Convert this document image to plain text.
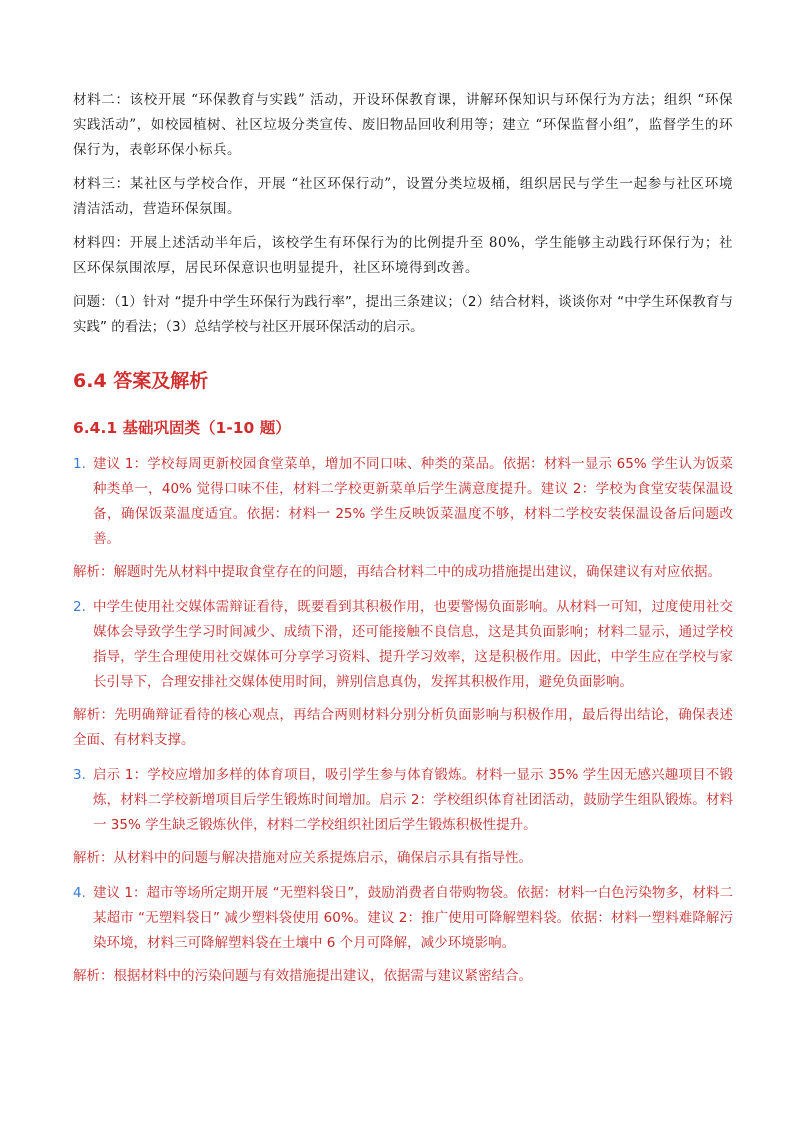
材料二：该校开展 “环保教育与实践” 活动，开设环保教育课，讲解环保知识与环保行为方法；组织 “环保实践活动”，如校园植树、社区垃圾分类宣传、废旧物品回收利用等；建立 “环保监督小组”，监督学生的环保行为，表彰环保小标兵。

材料三：某社区与学校合作，开展 “社区环保行动”，设置分类垃圾桶，组织居民与学生一起参与社区环境清洁活动，营造环保氛围。

材料四：开展上述活动半年后，该校学生有环保行为的比例提升至 80%，学生能够主动践行环保行为；社区环保氛围浓厚，居民环保意识也明显提升，社区环境得到改善。

问题：（1）针对 “提升中学生环保行为践行率”，提出三条建议；（2）结合材料，谈谈你对 “中学生环保教育与实践” 的看法；（3）总结学校与社区开展环保活动的启示。

6.4 答案及解析
6.4.1 基础巩固类（1-10 题）
1. 建议 1：学校每周更新校园食堂菜单，增加不同口味、种类的菜品。依据：材料一显示 65% 学生认为饭菜种类单一，40% 觉得口味不佳，材料二学校更新菜单后学生满意度提升。建议 2：学校为食堂安装保温设备，确保饭菜温度适宜。依据：材料一 25% 学生反映饭菜温度不够，材料二学校安装保温设备后问题改善。

解析：解题时先从材料中提取食堂存在的问题，再结合材料二中的成功措施提出建议，确保建议有对应依据。

2. 中学生使用社交媒体需辩证看待，既要看到其积极作用，也要警惕负面影响。从材料一可知，过度使用社交媒体会导致学生学习时间减少、成绩下滑，还可能接触不良信息，这是其负面影响；材料二显示，通过学校指导，学生合理使用社交媒体可分享学习资料、提升学习效率，这是积极作用。因此，中学生应在学校与家长引导下，合理安排社交媒体使用时间，辨别信息真伪，发挥其积极作用，避免负面影响。

解析：先明确辩证看待的核心观点，再结合两则材料分别分析负面影响与积极作用，最后得出结论，确保表述全面、有材料支撑。

3. 启示 1：学校应增加多样的体育项目，吸引学生参与体育锻炼。材料一显示 35% 学生因无感兴趣项目不锻炼，材料二学校新增项目后学生锻炼时间增加。启示 2：学校组织体育社团活动，鼓励学生组队锻炼。材料一 35% 学生缺乏锻炼伙伴，材料二学校组织社团后学生锻炼积极性提升。

解析：从材料中的问题与解决措施对应关系提炼启示，确保启示具有指导性。

4. 建议 1：超市等场所定期开展 “无塑料袋日”，鼓励消费者自带购物袋。依据：材料一白色污染物多，材料二某超市 “无塑料袋日” 减少塑料袋使用 60%。建议 2：推广使用可降解塑料袋。依据：材料一塑料难降解污染环境，材料三可降解塑料袋在土壤中 6 个月可降解，减少环境影响。

解析：根据材料中的污染问题与有效措施提出建议，依据需与建议紧密结合。
